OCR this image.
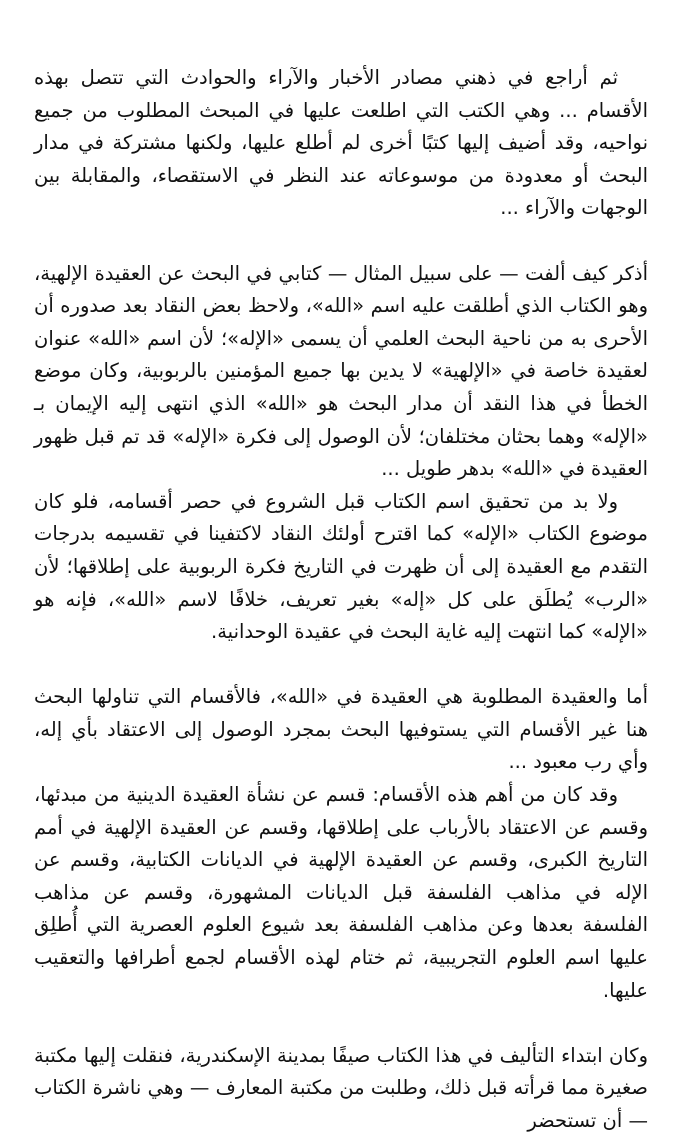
ثم أراجع في ذهني مصادر الأخبار والآراء والحوادث التي تتصل بهذه الأقسام ... وهي الكتب التي اطلعت عليها في المبحث المطلوب من جميع نواحيه، وقد أضيف إليها كتبًا أخرى لم أطلع عليها، ولكنها مشتركة في مدار البحث أو معدودة من موسوعاته عند النظر في الاستقصاء، والمقابلة بين الوجهات والآراء ...

أذكر كيف ألفت — على سبيل المثال — كتابي في البحث عن العقيدة الإلهية، وهو الكتاب الذي أطلقت عليه اسم «الله»، ولاحظ بعض النقاد بعد صدوره أن الأحرى به من ناحية البحث العلمي أن يسمى «الإله»؛ لأن اسم «الله» عنوان لعقيدة خاصة في «الإلهية» لا يدين بها جميع المؤمنين بالربوبية، وكان موضع الخطأ في هذا النقد أن مدار البحث هو «الله» الذي انتهى إليه الإيمان بـ «الإله» وهما بحثان مختلفان؛ لأن الوصول إلى فكرة «الإله» قد تم قبل ظهور العقيدة في «الله» بدهر طويل ...

ولا بد من تحقيق اسم الكتاب قبل الشروع في حصر أقسامه، فلو كان موضوع الكتاب «الإله» كما اقترح أولئك النقاد لاكتفينا في تقسيمه بدرجات التقدم مع العقيدة إلى أن ظهرت في التاريخ فكرة الربوبية على إطلاقها؛ لأن «الرب» يُطلَق على كل «إله» بغير تعريف، خلافًا لاسم «الله»، فإنه هو «الإله» كما انتهت إليه غاية البحث في عقيدة الوحدانية.

أما والعقيدة المطلوبة هي العقيدة في «الله»، فالأقسام التي تناولها البحث هنا غير الأقسام التي يستوفيها البحث بمجرد الوصول إلى الاعتقاد بأي إله، وأي رب معبود ...

وقد كان من أهم هذه الأقسام: قسم عن نشأة العقيدة الدينية من مبدئها، وقسم عن الاعتقاد بالأرباب على إطلاقها، وقسم عن العقيدة الإلهية في أمم التاريخ الكبرى، وقسم عن العقيدة الإلهية في الديانات الكتابية، وقسم عن الإله في مذاهب الفلسفة قبل الديانات المشهورة، وقسم عن مذاهب الفلسفة بعدها وعن مذاهب الفلسفة بعد شيوع العلوم العصرية التي أُطلِق عليها اسم العلوم التجريبية، ثم ختام لهذه الأقسام لجمع أطرافها والتعقيب عليها.

وكان ابتداء التأليف في هذا الكتاب صيفًا بمدينة الإسكندرية، فنقلت إليها مكتبة صغيرة مما قرأته قبل ذلك، وطلبت من مكتبة المعارف — وهي ناشرة الكتاب — أن تستحضر
